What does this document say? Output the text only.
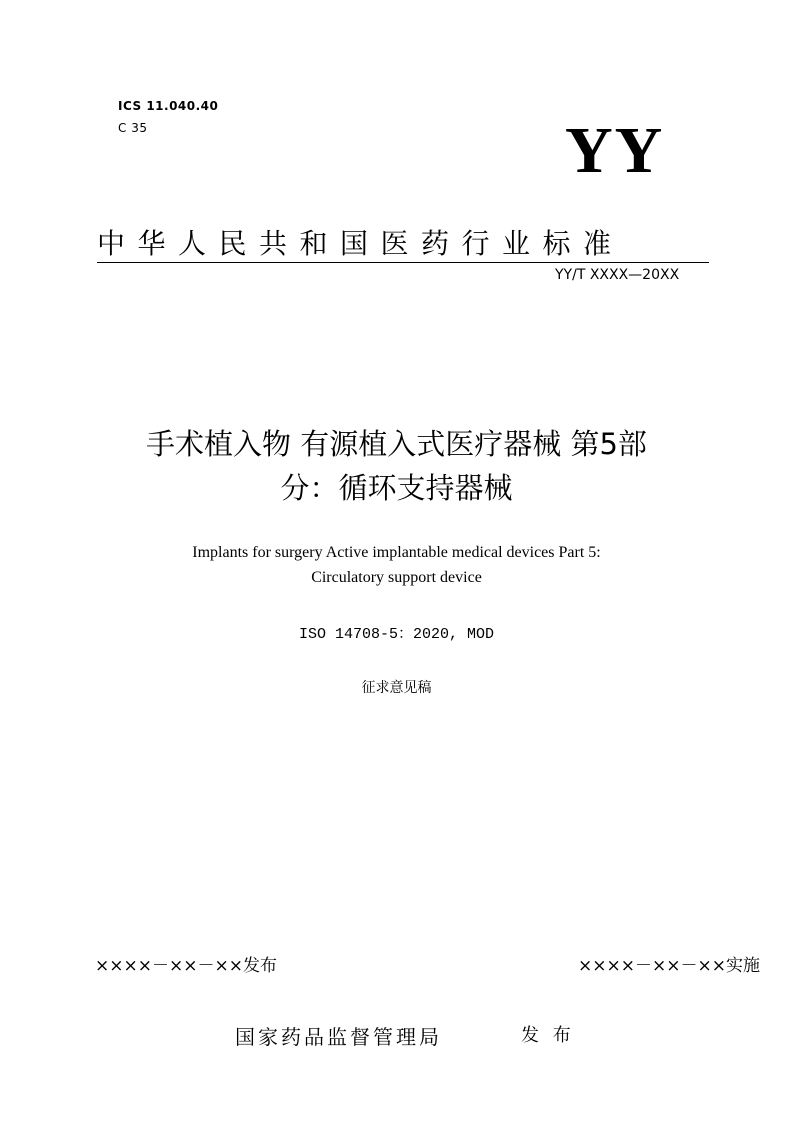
ICS 11.040.40
C 35	YY
中华人民共和国医药行业标准
YY/T XXXX—20XX
手术植入物 有源植入式医疗器械 第5部
分：循环支持器械
Implants for surgery Active implantable medical devices Part 5:
Circulatory support device
ISO 14708-5：2020, MOD
征求意见稿
××××－××－××发布	××××－××－××实施
国家药品监督管理局	发 布
